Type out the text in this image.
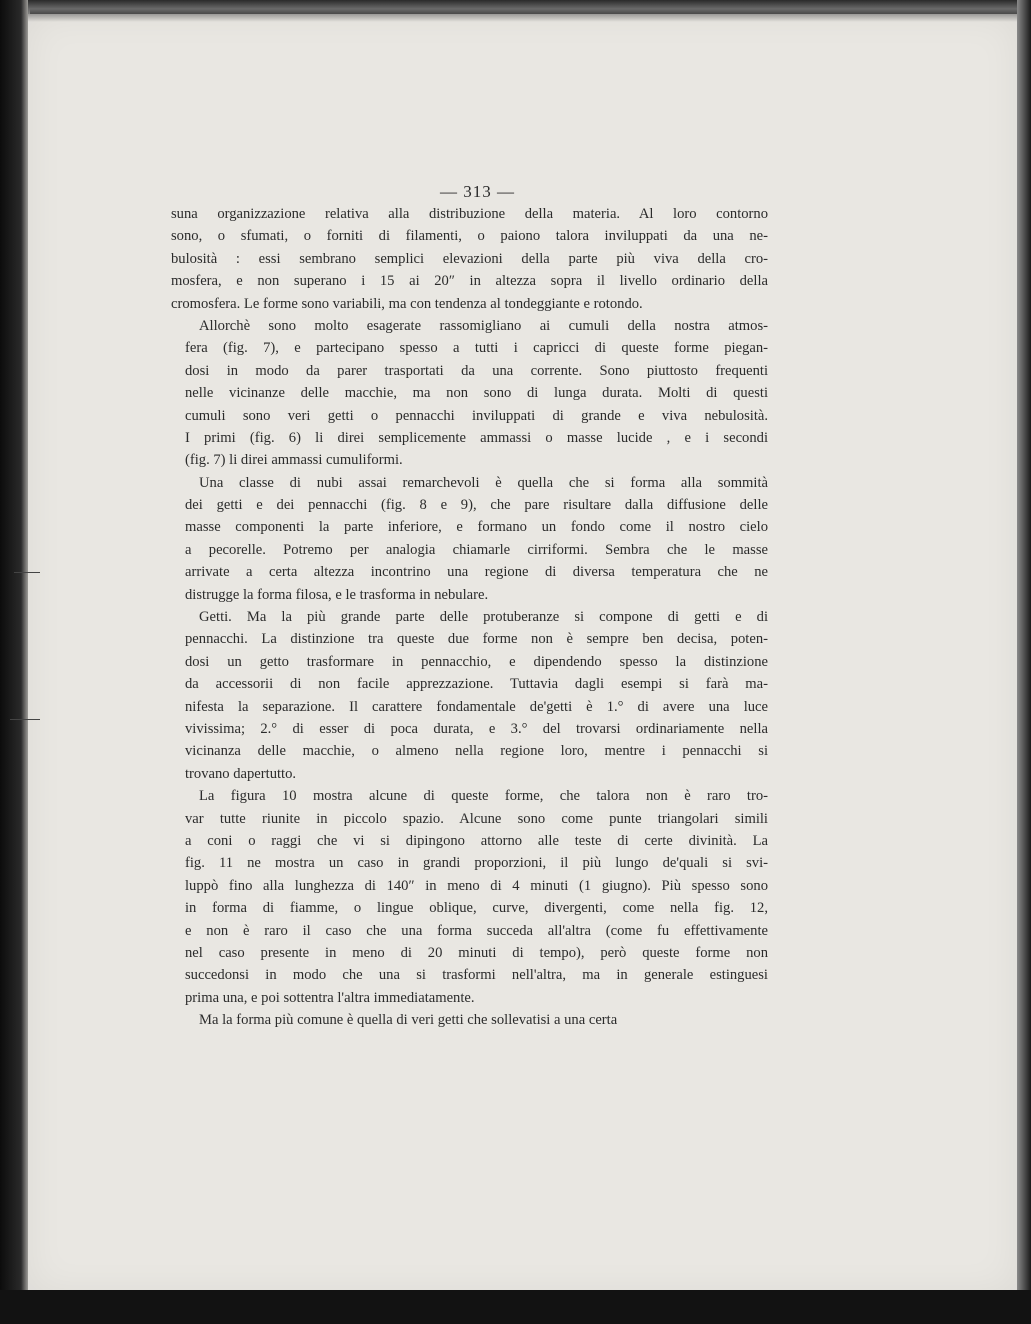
— 313 —
suna organizzazione relativa alla distribuzione della materia. Al loro contorno
sono, o sfumati, o forniti di filamenti, o paiono talora inviluppati da una ne-
bulosità : essi sembrano semplici elevazioni della parte più viva della cro-
mosfera, e non superano i 15 ai 20″ in altezza sopra il livello ordinario della
cromosfera. Le forme sono variabili, ma con tendenza al tondeggiante e rotondo.
Allorchè sono molto esagerate rassomigliano ai cumuli della nostra atmos-
fera (fig. 7), e partecipano spesso a tutti i capricci di queste forme piegan-
dosi in modo da parer trasportati da una corrente. Sono piuttosto frequenti
nelle vicinanze delle macchie, ma non sono di lunga durata. Molti di questi
cumuli sono veri getti o pennacchi inviluppati di grande e viva nebulosità.
I primi (fig. 6) li direi semplicemente ammassi o masse lucide , e i secondi
(fig. 7) li direi ammassi cumuliformi.
Una classe di nubi assai remarchevoli è quella che si forma alla sommità
dei getti e dei pennacchi (fig. 8 e 9), che pare risultare dalla diffusione delle
masse componenti la parte inferiore, e formano un fondo come il nostro cielo
a pecorelle. Potremo per analogia chiamarle cirriformi. Sembra che le masse
arrivate a certa altezza incontrino una regione di diversa temperatura che ne
distrugge la forma filosa, e le trasforma in nebulare.
Getti. Ma la più grande parte delle protuberanze si compone di getti e di
pennacchi. La distinzione tra queste due forme non è sempre ben decisa, poten-
dosi un getto trasformare in pennacchio, e dipendendo spesso la distinzione
da accessorii di non facile apprezzazione. Tuttavia dagli esempi si farà ma-
nifesta la separazione. Il carattere fondamentale de'getti è 1.° di avere una luce
vivissima; 2.° di esser di poca durata, e 3.° del trovarsi ordinariamente nella
vicinanza delle macchie, o almeno nella regione loro, mentre i pennacchi si
trovano dapertutto.
La figura 10 mostra alcune di queste forme, che talora non è raro tro-
var tutte riunite in piccolo spazio. Alcune sono come punte triangolari simili
a coni o raggi che vi si dipingono attorno alle teste di certe divinità. La
fig. 11 ne mostra un caso in grandi proporzioni, il più lungo de'quali si svi-
luppò fino alla lunghezza di 140″ in meno di 4 minuti (1 giugno). Più spesso sono
in forma di fiamme, o lingue oblique, curve, divergenti, come nella fig. 12,
e non è raro il caso che una forma succeda all'altra (come fu effettivamente
nel caso presente in meno di 20 minuti di tempo), però queste forme non
succedonsi in modo che una si trasformi nell'altra, ma in generale estinguesi
prima una, e poi sottentra l'altra immediatamente.
Ma la forma più comune è quella di veri getti che sollevatisi a una certa
